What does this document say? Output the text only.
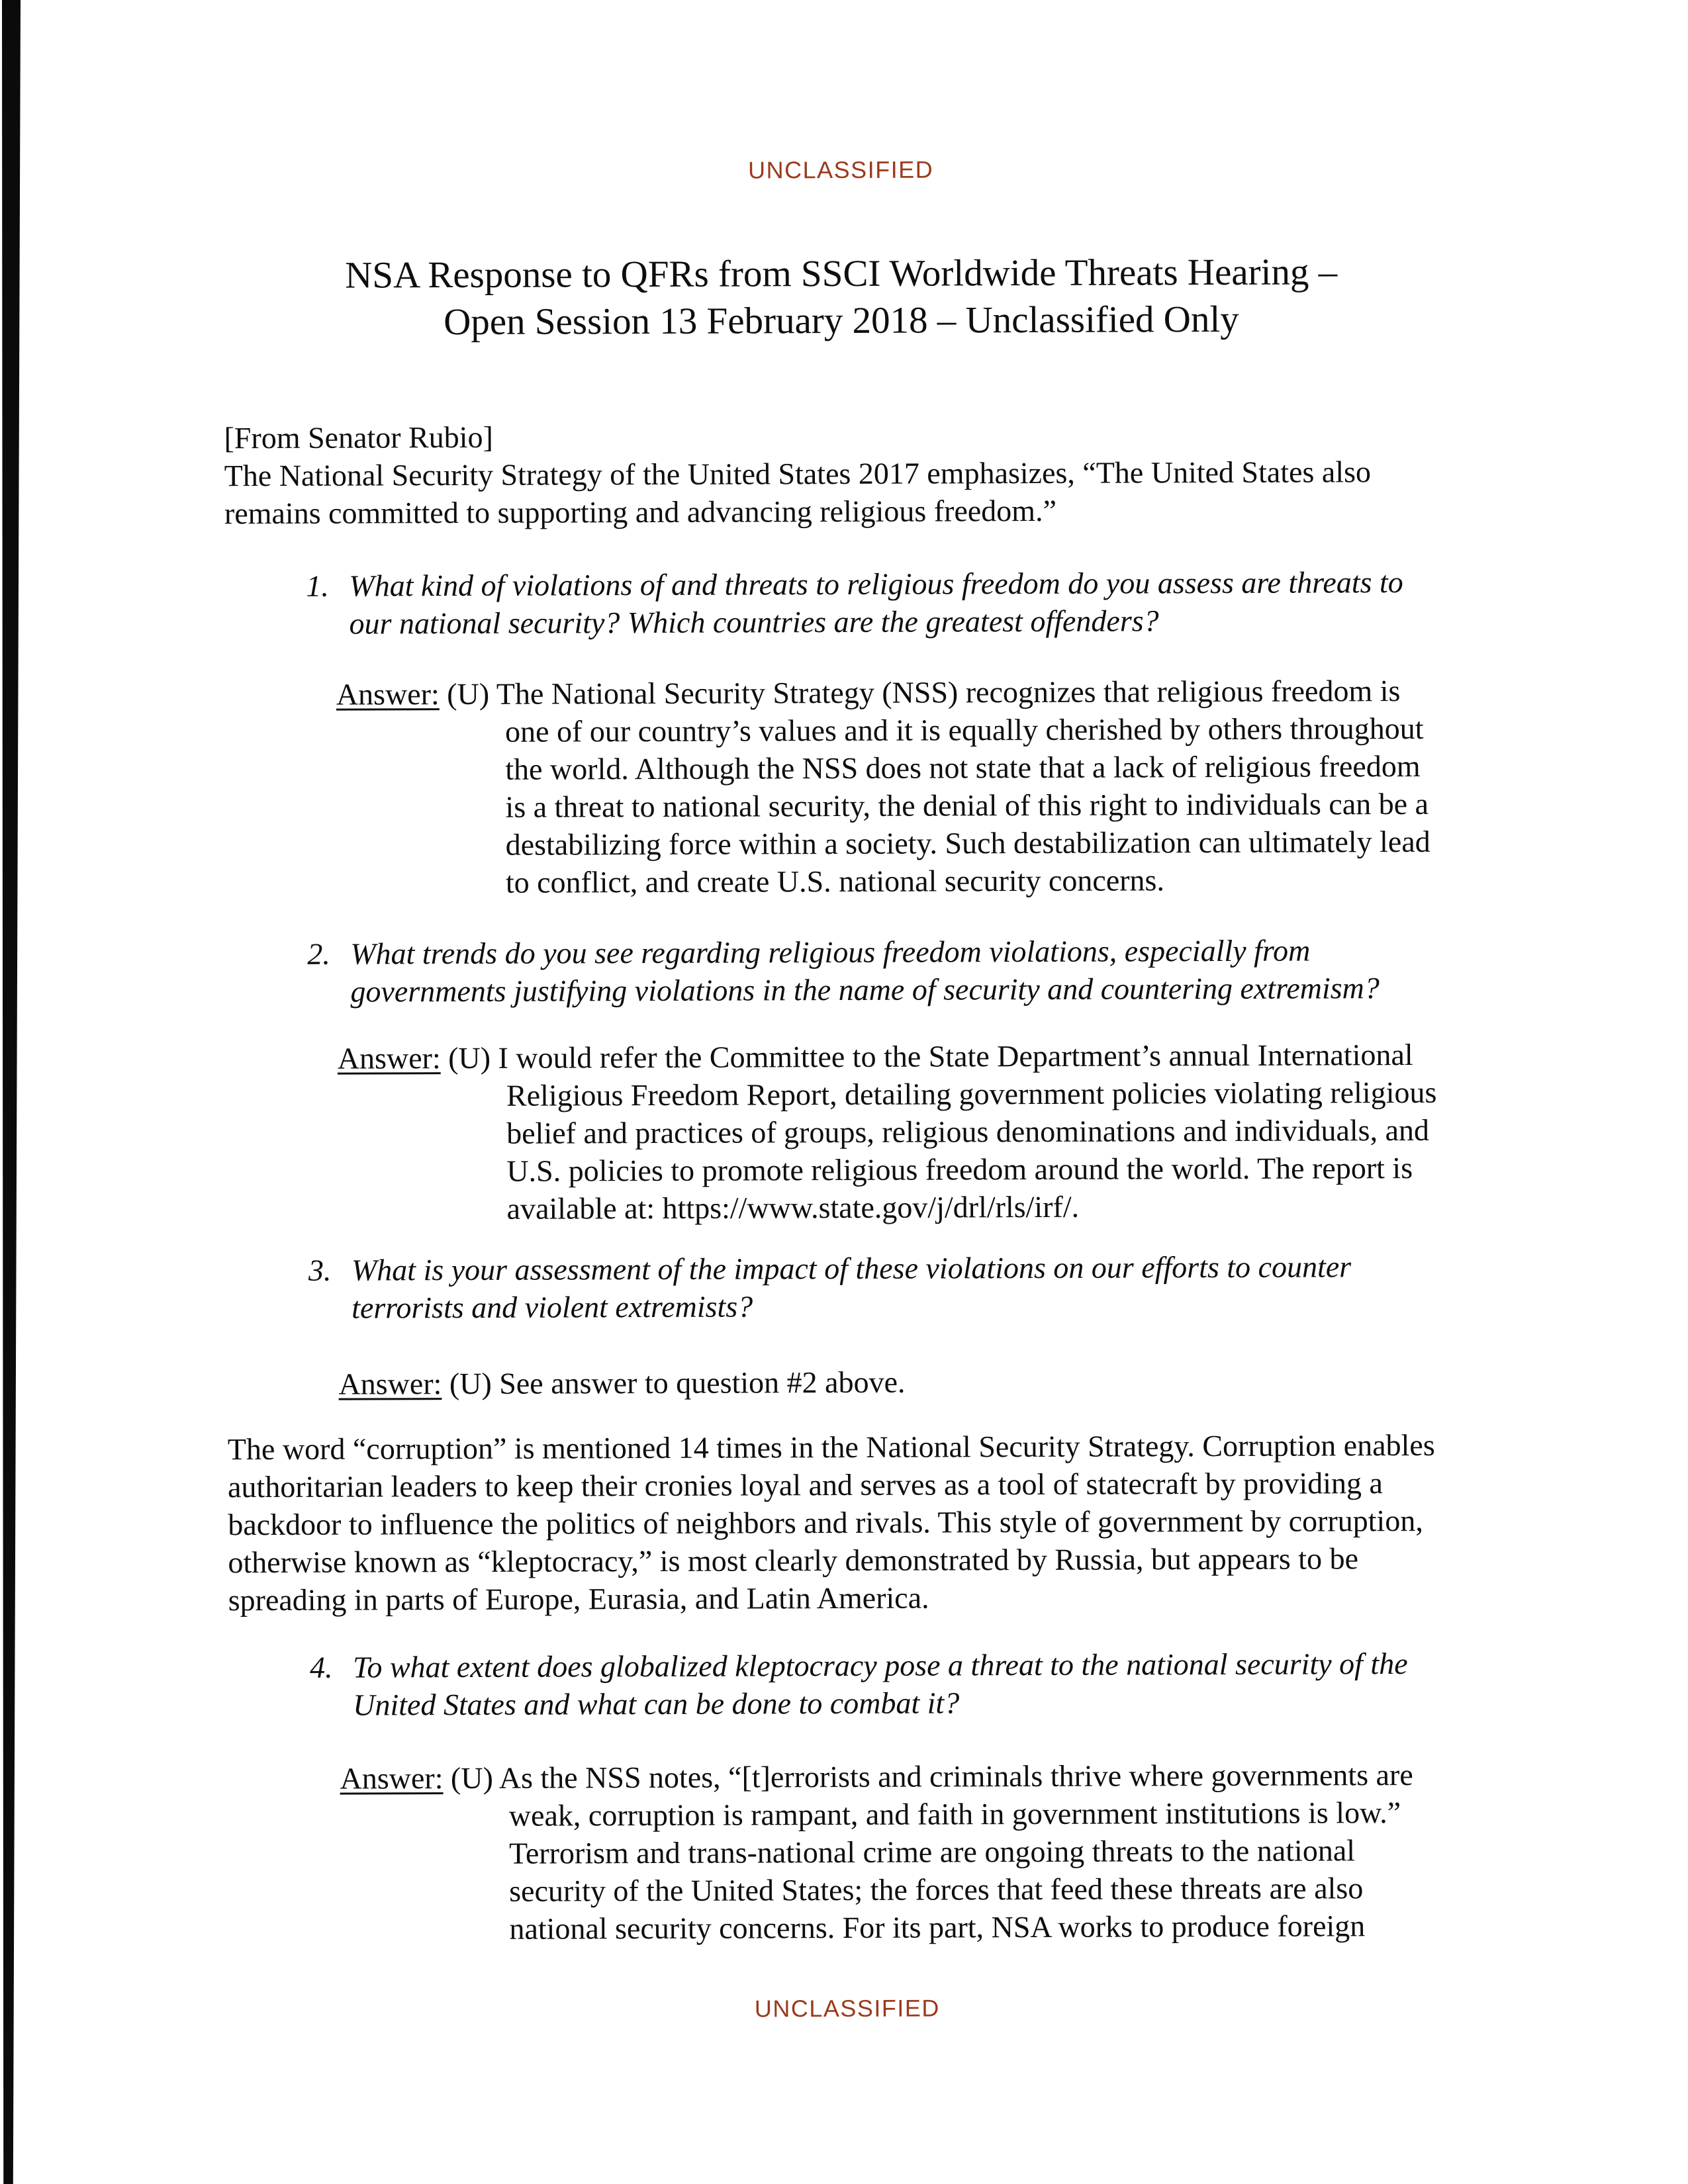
UNCLASSIFIED
NSA Response to QFRs from SSCI Worldwide Threats Hearing –
Open Session 13 February 2018 – Unclassified Only
[From Senator Rubio]
The National Security Strategy of the United States 2017 emphasizes, “The United States also remains committed to supporting and advancing religious freedom.”
1. What kind of violations of and threats to religious freedom do you assess are threats to our national security? Which countries are the greatest offenders?
Answer: (U) The National Security Strategy (NSS) recognizes that religious freedom is one of our country’s values and it is equally cherished by others throughout the world. Although the NSS does not state that a lack of religious freedom is a threat to national security, the denial of this right to individuals can be a destabilizing force within a society. Such destabilization can ultimately lead to conflict, and create U.S. national security concerns.
2. What trends do you see regarding religious freedom violations, especially from governments justifying violations in the name of security and countering extremism?
Answer: (U) I would refer the Committee to the State Department’s annual International Religious Freedom Report, detailing government policies violating religious belief and practices of groups, religious denominations and individuals, and U.S. policies to promote religious freedom around the world. The report is available at: https://www.state.gov/j/drl/rls/irf/.
3. What is your assessment of the impact of these violations on our efforts to counter terrorists and violent extremists?
Answer: (U) See answer to question #2 above.
The word “corruption” is mentioned 14 times in the National Security Strategy. Corruption enables authoritarian leaders to keep their cronies loyal and serves as a tool of statecraft by providing a backdoor to influence the politics of neighbors and rivals. This style of government by corruption, otherwise known as “kleptocracy,” is most clearly demonstrated by Russia, but appears to be spreading in parts of Europe, Eurasia, and Latin America.
4. To what extent does globalized kleptocracy pose a threat to the national security of the United States and what can be done to combat it?
Answer: (U) As the NSS notes, “[t]errorists and criminals thrive where governments are weak, corruption is rampant, and faith in government institutions is low.” Terrorism and trans-national crime are ongoing threats to the national security of the United States; the forces that feed these threats are also national security concerns. For its part, NSA works to produce foreign
UNCLASSIFIED
